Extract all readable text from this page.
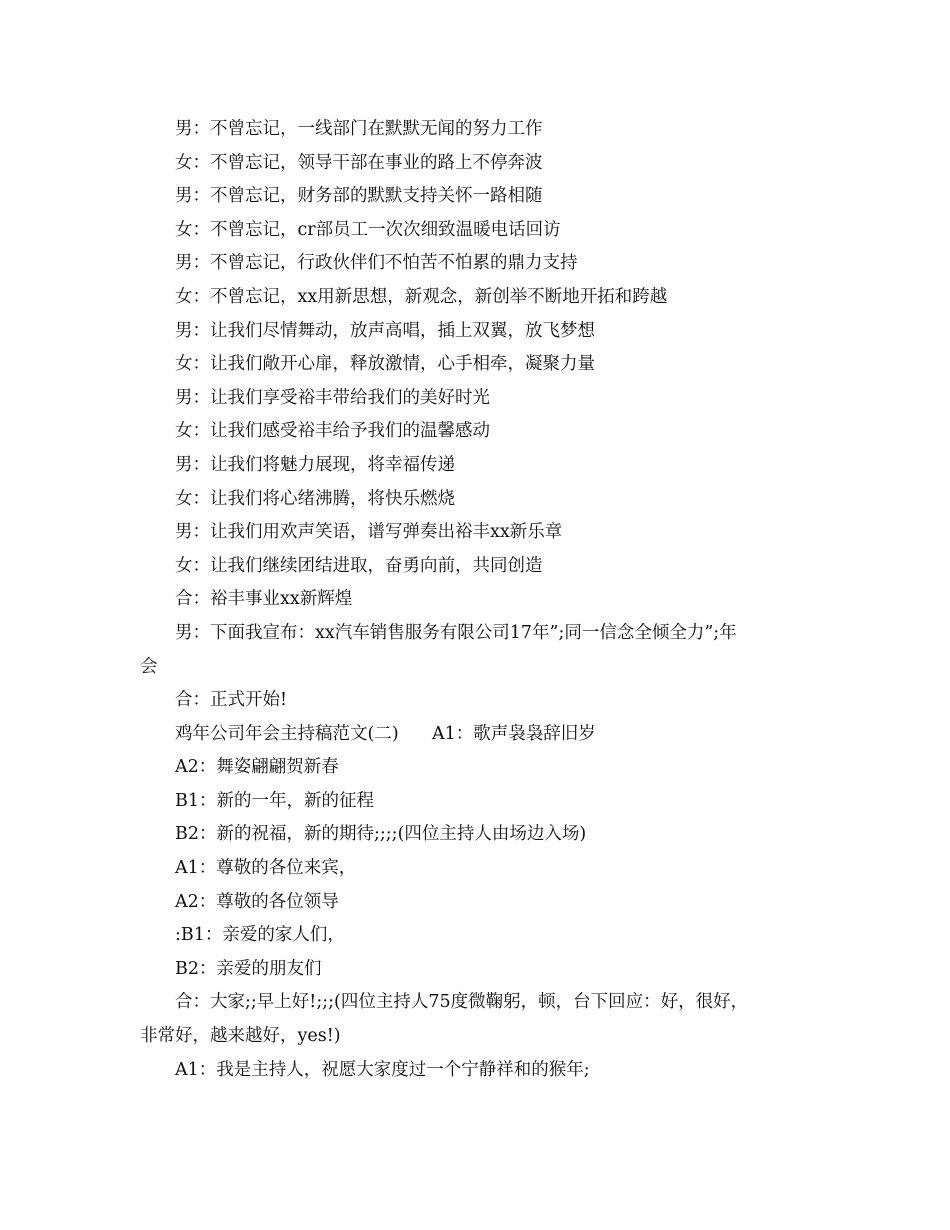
男：不曾忘记，一线部门在默默无闻的努力工作
女：不曾忘记，领导干部在事业的路上不停奔波
男：不曾忘记，财务部的默默支持关怀一路相随
女：不曾忘记，cr部员工一次次细致温暖电话回访
男：不曾忘记，行政伙伴们不怕苦不怕累的鼎力支持
女：不曾忘记，xx用新思想，新观念，新创举不断地开拓和跨越
男：让我们尽情舞动，放声高唱，插上双翼，放飞梦想
女：让我们敞开心扉，释放激情，心手相牵，凝聚力量
男：让我们享受裕丰带给我们的美好时光
女：让我们感受裕丰给予我们的温馨感动
男：让我们将魅力展现，将幸福传递
女：让我们将心绪沸腾，将快乐燃烧
男：让我们用欢声笑语，谱写弹奏出裕丰xx新乐章
女：让我们继续团结进取，奋勇向前，共同创造
合：裕丰事业xx新辉煌
男：下面我宣布：xx汽车销售服务有限公司17年”;同一信念全倾全力”;年
会
合：正式开始!
鸡年公司年会主持稿范文(二)      A1：歌声袅袅辞旧岁
A2：舞姿翩翩贺新春
B1：新的一年，新的征程
B2：新的祝福，新的期待;;;;(四位主持人由场边入场)
A1：尊敬的各位来宾，
A2：尊敬的各位领导
:B1：亲爱的家人们，
B2：亲爱的朋友们
合：大家;;早上好!;;;(四位主持人75度微鞠躬，顿，台下回应：好，很好，
非常好，越来越好，yes!)
A1：我是主持人，祝愿大家度过一个宁静祥和的猴年;
